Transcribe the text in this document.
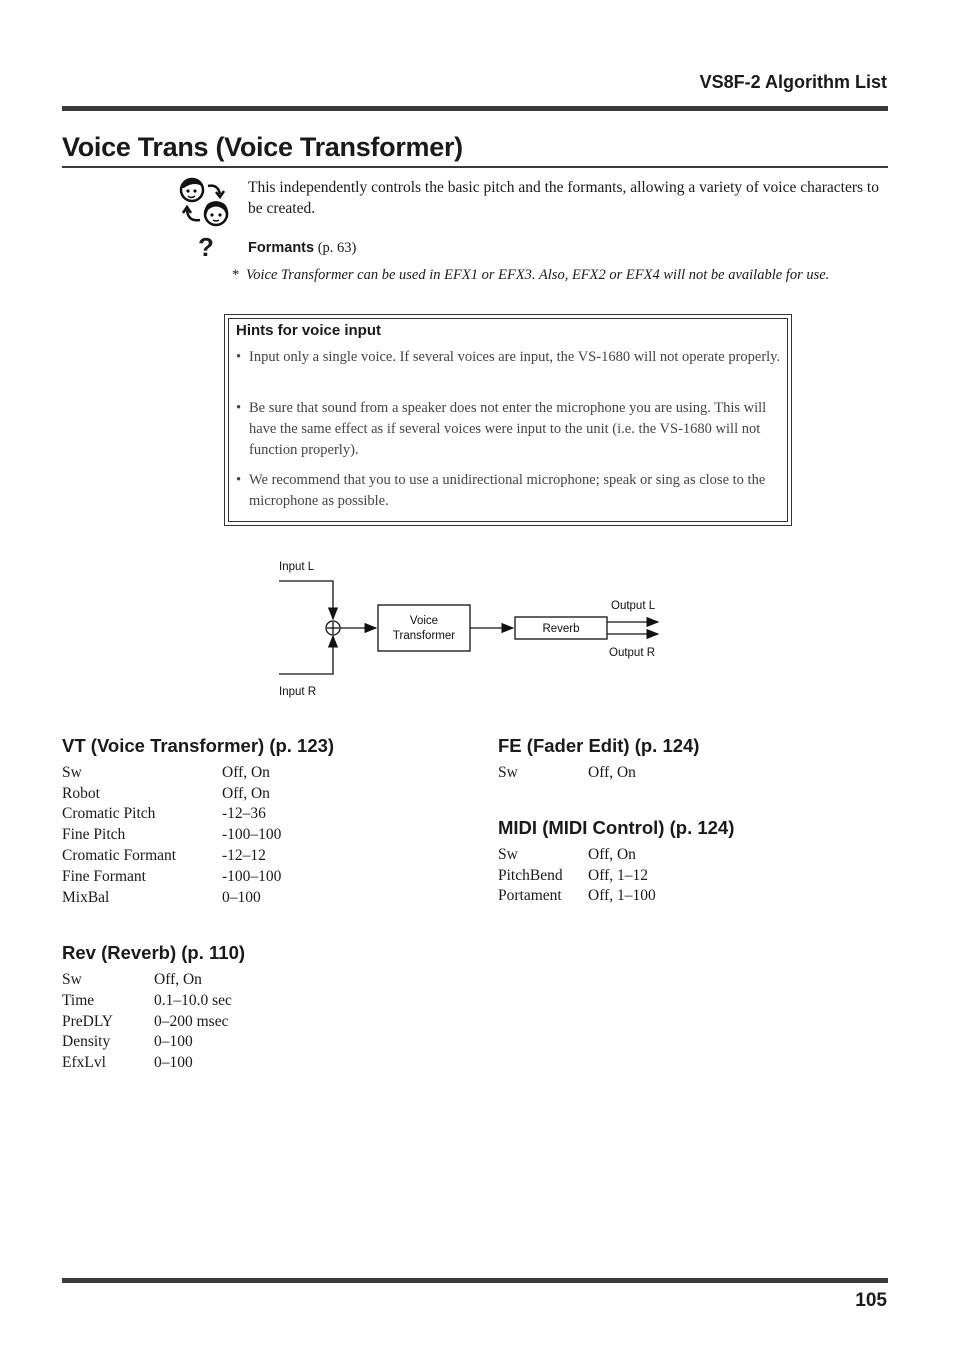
VS8F-2 Algorithm List
Voice Trans (Voice Transformer)
This independently controls the basic pitch and the formants, allowing a variety of voice characters to be created.
?	Formants (p. 63)
* Voice Transformer can be used in EFX1 or EFX3. Also, EFX2 or EFX4 will not be available for use.
Hints for voice input
• Input only a single voice. If several voices are input, the VS-1680 will not operate properly.
• Be sure that sound from a speaker does not enter the microphone you are using. This will have the same effect as if several voices were input to the unit (i.e. the VS-1680 will not function properly).
• We recommend that you to use a unidirectional microphone; speak or sing as close to the microphone as possible.
Input L
Input R
Voice
Transformer
Reverb
Output L
Output R
VT (Voice Transformer) (p. 123)
Sw	Off, On
Robot	Off, On
Cromatic Pitch	-12–36
Fine Pitch	-100–100
Cromatic Formant	-12–12
Fine Formant	-100–100
MixBal	0–100
Rev (Reverb) (p. 110)
Sw	Off, On
Time	0.1–10.0 sec
PreDLY	0–200 msec
Density	0–100
EfxLvl	0–100
FE (Fader Edit) (p. 124)
Sw	Off, On
MIDI (MIDI Control) (p. 124)
Sw	Off, On
PitchBend Off, 1–12
Portament Off, 1–100
105
